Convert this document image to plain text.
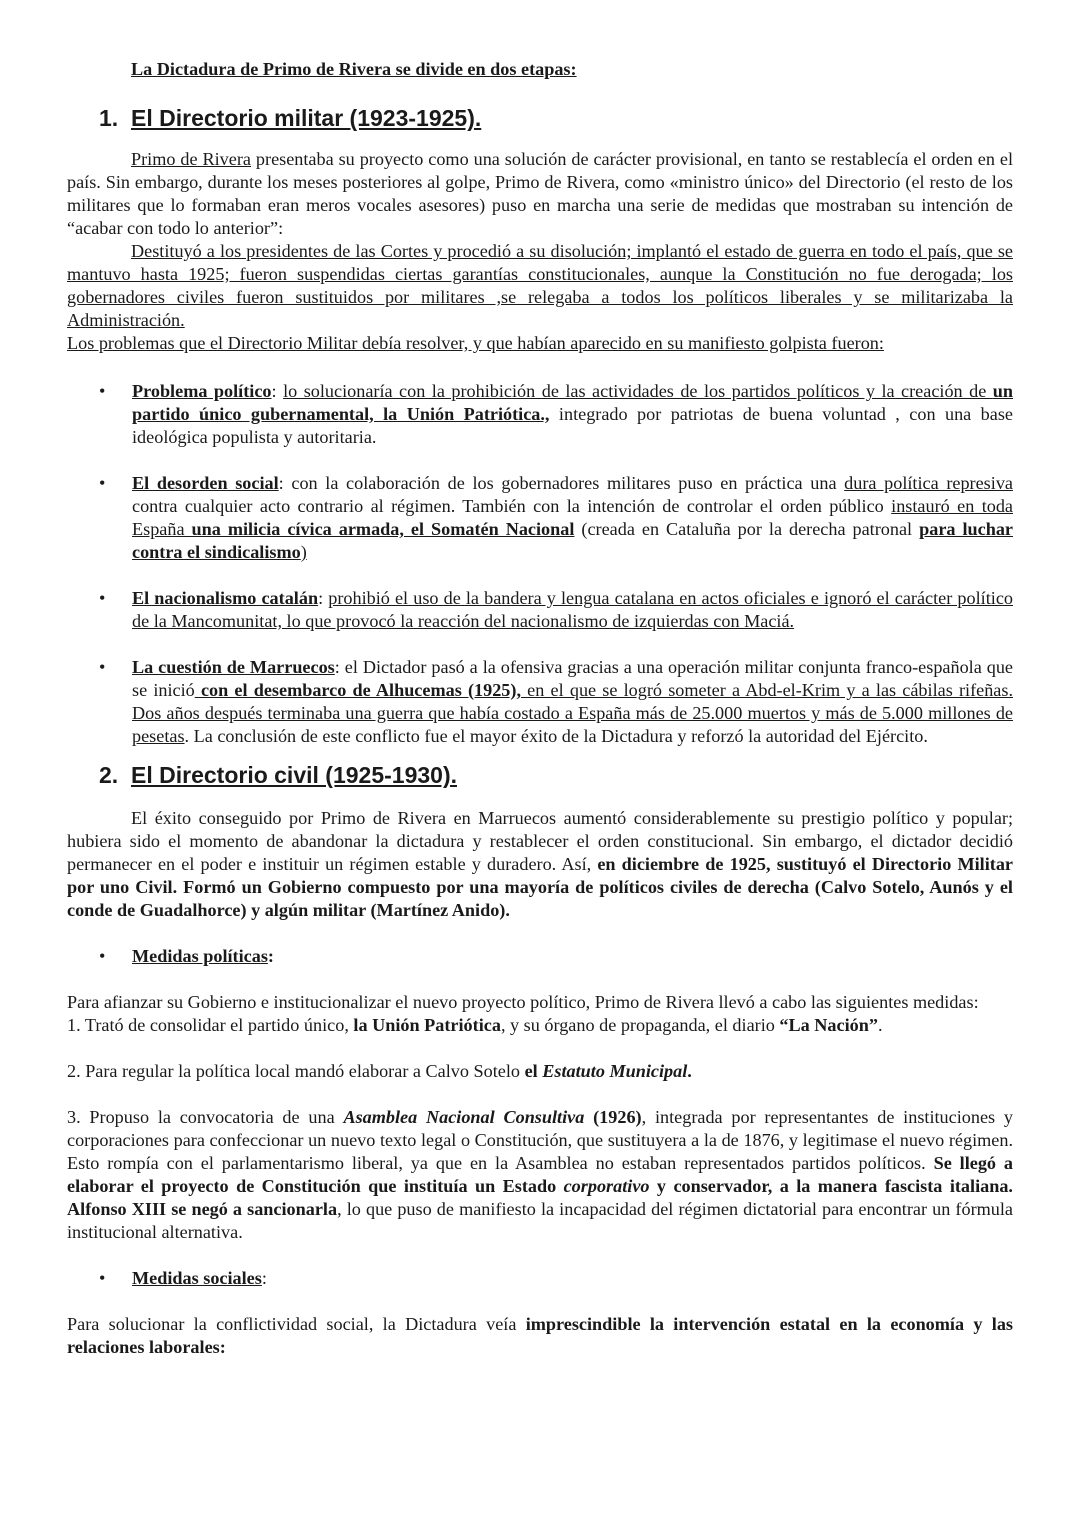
La Dictadura de Primo de Rivera se divide en dos etapas:

1. El Directorio militar (1923-1925).

Primo de Rivera presentaba su proyecto como una solución de carácter provisional, en tanto se restablecía el orden en el país. Sin embargo, durante los meses posteriores al golpe, Primo de Rivera, como «ministro único» del Directorio (el resto de los militares que lo formaban eran meros vocales asesores) puso en marcha una serie de medidas que mostraban su intención de “acabar con todo lo anterior”:

Destituyó a los presidentes de las Cortes y procedió a su disolución; implantó el estado de guerra en todo el país, que se mantuvo hasta 1925; fueron suspendidas ciertas garantías constitucionales, aunque la Constitución no fue derogada; los gobernadores civiles fueron sustituidos por militares ,se relegaba a todos los políticos liberales y se militarizaba la Administración.

Los problemas que el Directorio Militar debía resolver, y que habían aparecido en su manifiesto golpista fueron:

• Problema político: lo solucionaría con la prohibición de las actividades de los partidos políticos y la creación de un partido único gubernamental, la Unión Patriótica., integrado por patriotas de buena voluntad , con una base ideológica populista y autoritaria.
• El desorden social: con la colaboración de los gobernadores militares puso en práctica una dura política represiva contra cualquier acto contrario al régimen. También con la intención de controlar el orden público instauró en toda España una milicia cívica armada, el Somatén Nacional (creada en Cataluña por la derecha patronal para luchar contra el sindicalismo)
• El nacionalismo catalán: prohibió el uso de la bandera y lengua catalana en actos oficiales e ignoró el carácter político de la Mancomunitat, lo que provocó la reacción del nacionalismo de izquierdas con Maciá.
• La cuestión de Marruecos: el Dictador pasó a la ofensiva gracias a una operación militar conjunta franco-española que se inició con el desembarco de Alhucemas (1925), en el que se logró someter a Abd-el-Krim y a las cábilas rifeñas. Dos años después terminaba una guerra que había costado a España más de 25.000 muertos y más de 5.000 millones de pesetas. La conclusión de este conflicto fue el mayor éxito de la Dictadura y reforzó la autoridad del Ejército.
2. El Directorio civil (1925-1930).

El éxito conseguido por Primo de Rivera en Marruecos aumentó considerablemente su prestigio político y popular; hubiera sido el momento de abandonar la dictadura y restablecer el orden constitucional. Sin embargo, el dictador decidió permanecer en el poder e instituir un régimen estable y duradero. Así, en diciembre de 1925, sustituyó el Directorio Militar por uno Civil. Formó un Gobierno compuesto por una mayoría de políticos civiles de derecha (Calvo Sotelo, Aunós y el conde de Guadalhorce) y algún militar (Martínez Anido).

• Medidas políticas:

Para afianzar su Gobierno e institucionalizar el nuevo proyecto político, Primo de Rivera llevó a cabo las siguientes medidas:

1. Trató de consolidar el partido único, la Unión Patriótica, y su órgano de propaganda, el diario “La Nación”.

2. Para regular la política local mandó elaborar a Calvo Sotelo el Estatuto Municipal.

3. Propuso la convocatoria de una Asamblea Nacional Consultiva (1926), integrada por representantes de instituciones y corporaciones para confeccionar un nuevo texto legal o Constitución, que sustituyera a la de 1876, y legitimase el nuevo régimen. Esto rompía con el parlamentarismo liberal, ya que en la Asamblea no estaban representados partidos políticos. Se llegó a elaborar el proyecto de Constitución que instituía un Estado corporativo y conservador, a la manera fascista italiana. Alfonso XIII se negó a sancionarla, lo que puso de manifiesto la incapacidad del régimen dictatorial para encontrar un fórmula institucional alternativa.

• Medidas sociales:

Para solucionar la conflictividad social, la Dictadura veía imprescindible la intervención estatal en la economía y las relaciones laborales:
